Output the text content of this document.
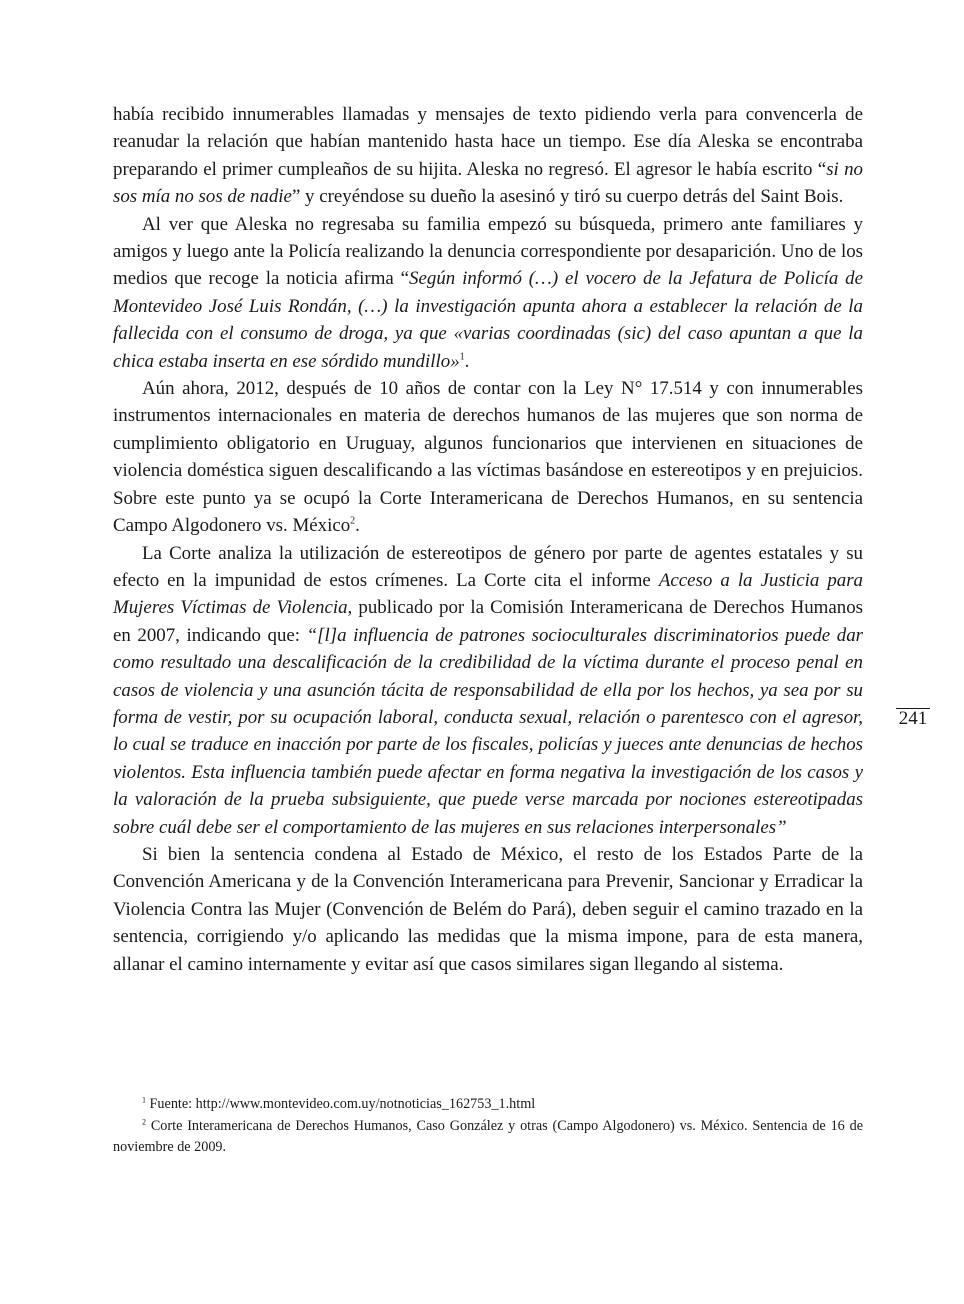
había recibido innumerables llamadas y mensajes de texto pidiendo verla para convencerla de reanudar la relación que habían mantenido hasta hace un tiempo. Ese día Aleska se encontraba preparando el primer cumpleaños de su hijita. Aleska no regresó. El agresor le había escrito “si no sos mía no sos de nadie” y creyéndose su dueño la asesinó y tiró su cuerpo detrás del Saint Bois.

Al ver que Aleska no regresaba su familia empezó su búsqueda, primero ante familiares y amigos y luego ante la Policía realizando la denuncia correspondiente por desaparición. Uno de los medios que recoge la noticia afirma “Según informó (…) el vocero de la Jefatura de Policía de Montevideo José Luis Rondán, (…) la investigación apunta ahora a establecer la relación de la fallecida con el consumo de droga, ya que «varias coordinadas (sic) del caso apuntan a que la chica estaba inserta en ese sórdido mundillo»$^1$.

Aún ahora, 2012, después de 10 años de contar con la Ley N° 17.514 y con innumerables instrumentos internacionales en materia de derechos humanos de las mujeres que son norma de cumplimiento obligatorio en Uruguay, algunos funcionarios que intervienen en situaciones de violencia doméstica siguen descalificando a las víctimas basándose en estereotipos y en prejuicios. Sobre este punto ya se ocupó la Corte Interamericana de Derechos Humanos, en su sentencia Campo Algodonero vs. México$^2$.

La Corte analiza la utilización de estereotipos de género por parte de agentes estatales y su efecto en la impunidad de estos crímenes. La Corte cita el informe Acceso a la Justicia para Mujeres Víctimas de Violencia, publicado por la Comisión Interamericana de Derechos Humanos en 2007, indicando que: “[l]a influencia de patrones socioculturales discriminatorios puede dar como resultado una descalificación de la credibilidad de la víctima durante el proceso penal en casos de violencia y una asunción tácita de responsabilidad de ella por los hechos, ya sea por su forma de vestir, por su ocupación laboral, conducta sexual, relación o parentesco con el agresor, lo cual se traduce en inacción por parte de los fiscales, policías y jueces ante denuncias de hechos violentos. Esta influencia también puede afectar en forma negativa la investigación de los casos y la valoración de la prueba subsiguiente, que puede verse marcada por nociones estereotipadas sobre cuál debe ser el comportamiento de las mujeres en sus relaciones interpersonales”

Si bien la sentencia condena al Estado de México, el resto de los Estados Parte de la Convención Americana y de la Convención Interamericana para Prevenir, Sancionar y Erradicar la Violencia Contra las Mujer (Convención de Belém do Pará), deben seguir el camino trazado en la sentencia, corrigiendo y/o aplicando las medidas que la misma impone, para de esta manera, allanar el camino internamente y evitar así que casos similares sigan llegando al sistema.

241

$^1$ Fuente: http://www.montevideo.com.uy/notnoticias_162753_1.html

$^2$ Corte Interamericana de Derechos Humanos, Caso González y otras (Campo Algodonero) vs. México. Sentencia de 16 de noviembre de 2009.
